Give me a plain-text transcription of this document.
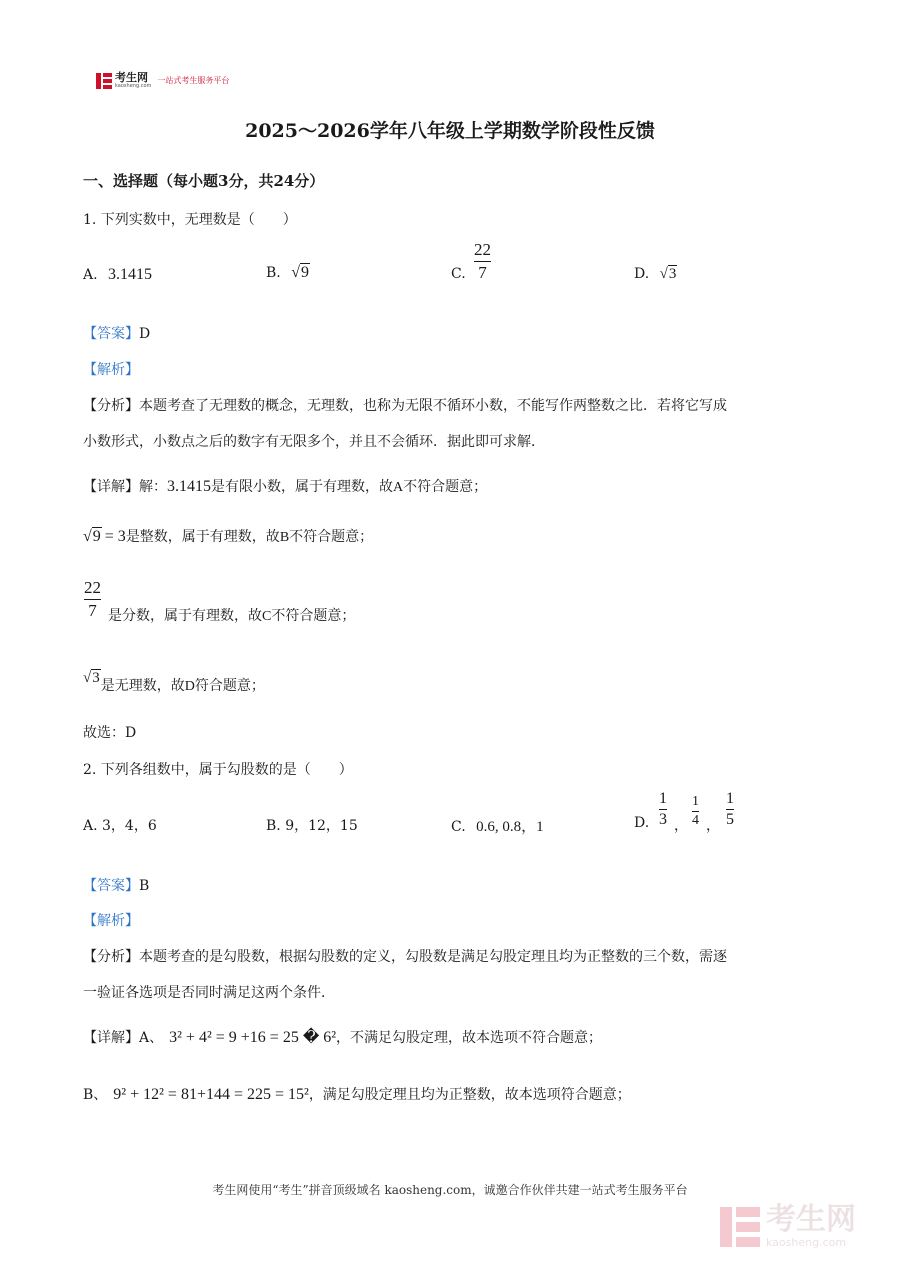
考生网
kaosheng.com
一站式考生服务平台
2025～2026学年八年级上学期数学阶段性反馈
一、选择题（每小题3分，共24分）
1. 下列实数中，无理数是（　　）
A. 3.1415	B. √9	C.
22
7	D. √3
【答案】D
【解析】
【分析】本题考查了无理数的概念，无理数，也称为无限不循环小数，不能写作两整数之比．若将它写成
小数形式，小数点之后的数字有无限多个，并且不会循环．据此即可求解．
【详解】解：3.1415是有限小数，属于有理数，故A不符合题意；
√9 = 3是整数，属于有理数，故B不符合题意；
22
7 是分数，属于有理数，故C不符合题意；
√3是无理数，故D符合题意；
故选：D
2. 下列各组数中，属于勾股数的是（　　）
A. 3，4，6	B. 9，12，15	C. 0.6, 0.8，1	D.
1
3 ，
1
4 ，
1
5
【答案】B
【解析】
【分析】本题考查的是勾股数，根据勾股数的定义，勾股数是满足勾股定理且均为正整数的三个数，需逐
一验证各选项是否同时满足这两个条件．
【详解】A、 3² + 4² = 9 +16 = 25 � 6²，不满足勾股定理，故本选项不符合题意；
B、 9² + 12² = 81+144 = 225 = 15²，满足勾股定理且均为正整数，故本选项符合题意；
考生网使用“考生”拼音顶级域名 kaosheng.com，诚邀合作伙伴共建一站式考生服务平台
考生网
kaosheng.com
